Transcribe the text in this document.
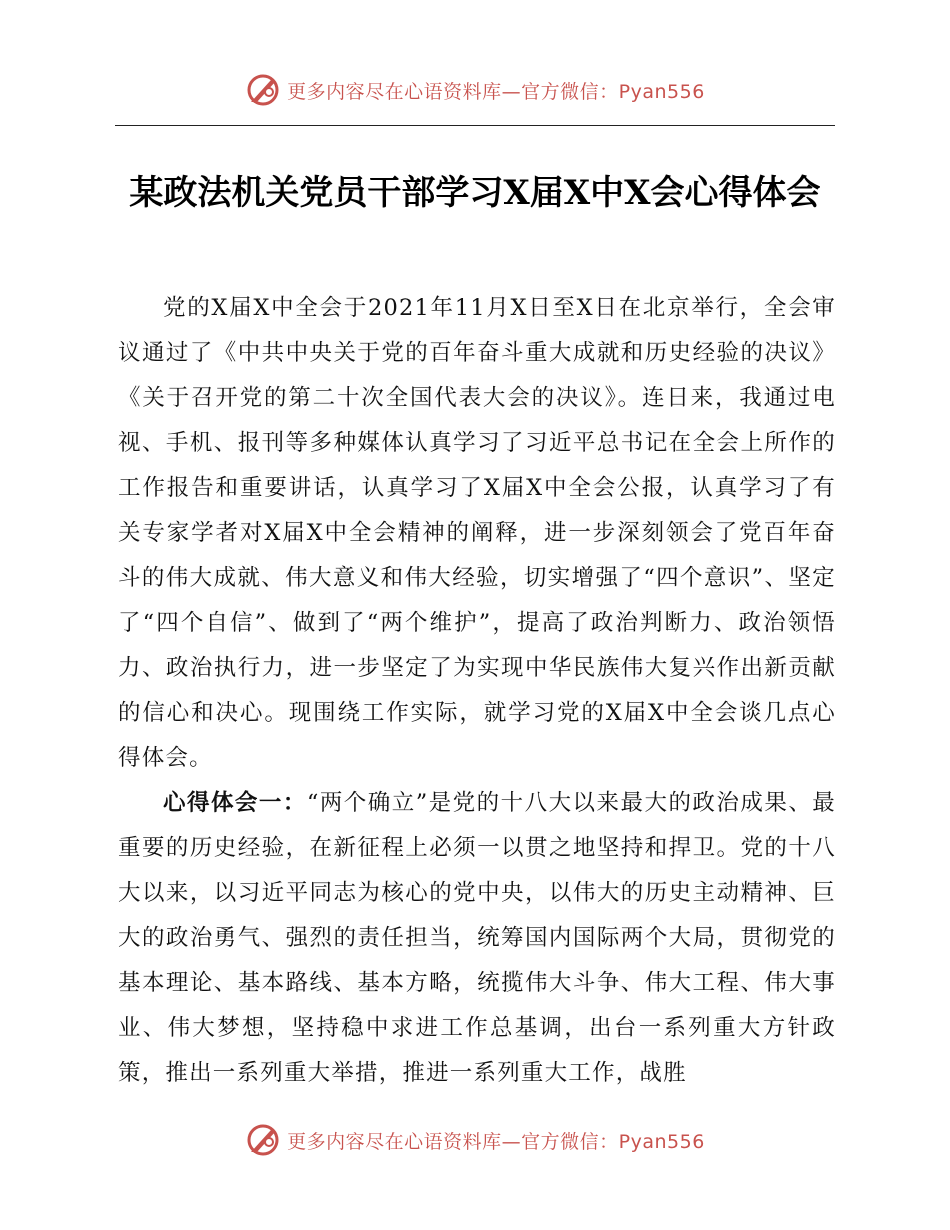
更多内容尽在心语资料库—官方微信：Pyan556
某政法机关党员干部学习X届X中X会心得体会

党的X届X中全会于2021年11月X日至X日在北京举行，全会审议通过了《中共中央关于党的百年奋斗重大成就和历史经验的决议》《关于召开党的第二十次全国代表大会的决议》。连日来，我通过电视、手机、报刊等多种媒体认真学习了习近平总书记在全会上所作的工作报告和重要讲话，认真学习了X届X中全会公报，认真学习了有关专家学者对X届X中全会精神的阐释，进一步深刻领会了党百年奋斗的伟大成就、伟大意义和伟大经验，切实增强了“四个意识”、坚定了“四个自信”、做到了“两个维护”，提高了政治判断力、政治领悟力、政治执行力，进一步坚定了为实现中华民族伟大复兴作出新贡献的信心和决心。现围绕工作实际，就学习党的X届X中全会谈几点心得体会。

心得体会一：“两个确立”是党的十八大以来最大的政治成果、最重要的历史经验，在新征程上必须一以贯之地坚持和捍卫。党的十八大以来，以习近平同志为核心的党中央，以伟大的历史主动精神、巨大的政治勇气、强烈的责任担当，统筹国内国际两个大局，贯彻党的基本理论、基本路线、基本方略，统揽伟大斗争、伟大工程、伟大事业、伟大梦想，坚持稳中求进工作总基调，出台一系列重大方针政策，推出一系列重大举措，推进一系列重大工作，战胜

更多内容尽在心语资料库—官方微信：Pyan556
